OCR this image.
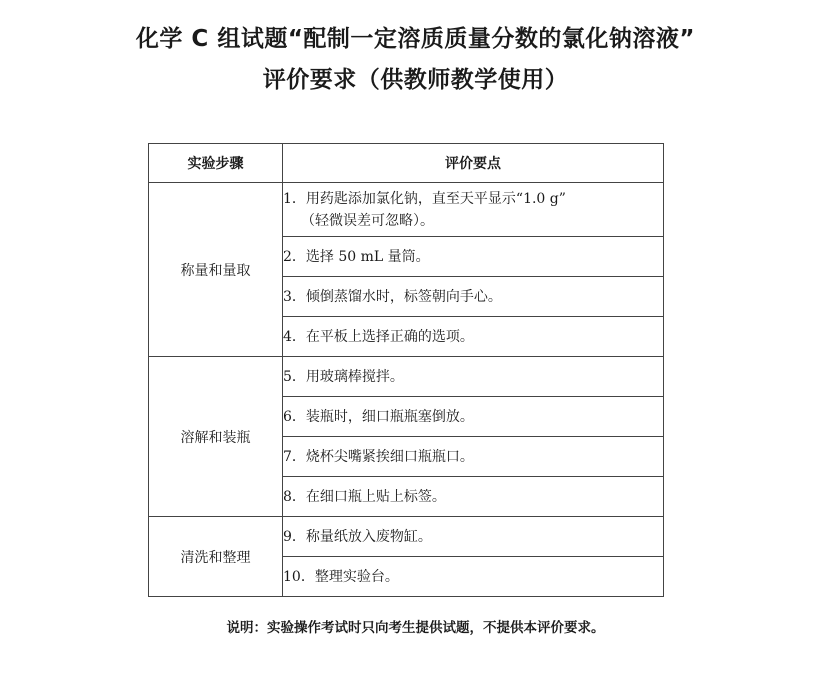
化学 C 组试题“配制一定溶质质量分数的氯化钠溶液”
评价要求（供教师教学使用）
实验步骤	评价要点
称量和量取	1．用药匙添加氯化钠，直至天平显示“1.0 g”
（轻微误差可忽略）。
	2．选择 50 mL 量筒。
	3．倾倒蒸馏水时，标签朝向手心。
	4．在平板上选择正确的选项。
溶解和装瓶	5．用玻璃棒搅拌。
	6．装瓶时，细口瓶瓶塞倒放。
	7．烧杯尖嘴紧挨细口瓶瓶口。
	8．在细口瓶上贴上标签。
清洗和整理	9．称量纸放入废物缸。
	10．整理实验台。
说明：实验操作考试时只向考生提供试题，不提供本评价要求。
